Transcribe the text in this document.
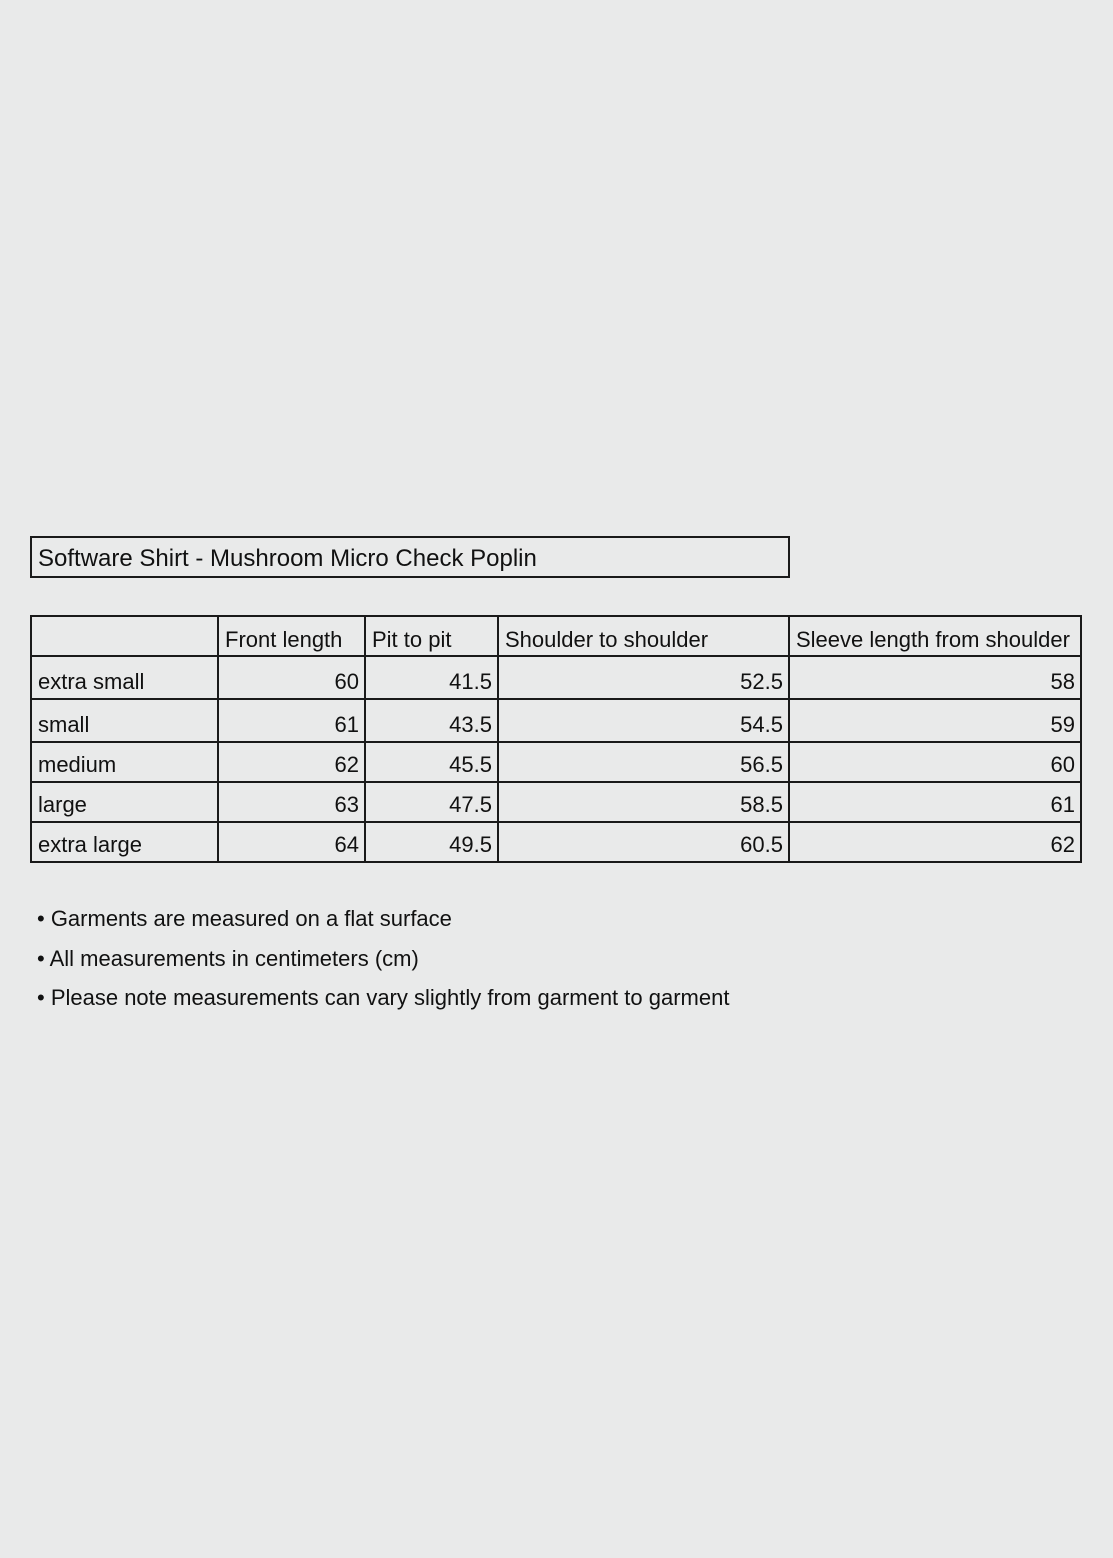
Software Shirt - Mushroom Micro Check Poplin
	Front length	Pit to pit	Shoulder to shoulder	Sleeve length from shoulder
extra small	60	41.5	52.5	58
small	61	43.5	54.5	59
medium	62	45.5	56.5	60
large	63	47.5	58.5	61
extra large	64	49.5	60.5	62
• Garments are measured on a flat surface
• All measurements in centimeters (cm)
• Please note measurements can vary slightly from garment to garment
